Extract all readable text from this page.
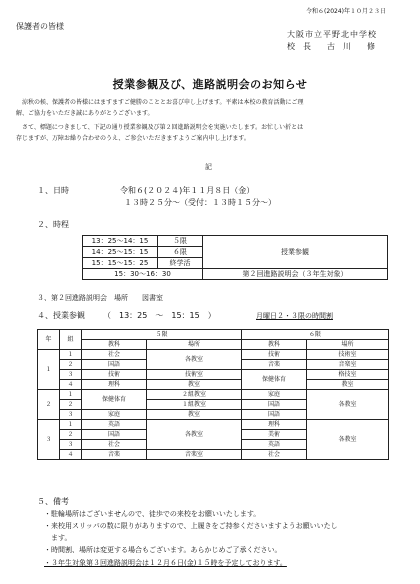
令和６(2024)年１０月２３日
保護者の皆様
大阪市立平野北中学校
校　長　　古　川　　修
授業参観及び、進路説明会のお知らせ
　涼秋の候、保護者の皆様にはますますご健勝のこととお喜び申し上げます。平素は本校の教育活動にご理
解、ご協力をいただき誠にありがとうございます。
　さて、標題につきまして、下記の通り授業参観及び第２回進路説明会を実施いたします。お忙しい折とは
存じますが、万障お繰り合わせのうえ、ご参会いただきますようご案内申し上げます。
記
１、日時	令和６(２０２４)年１１月８日（金）
１３時２５分～（受付：１３時１５分～）
２、時程
13：25～14：15	５限	授業参観
14：25～15：15	６限	
15：15～15：25	終学活	
15：30～16：30		第２回進路説明会（３年生対象）
３、第２回進路説明会　場所　　図書室
４、授業参観 （　13：25　～　15：15　）	月曜日２・３限の時間割
年	組	５限		６限	
		教科	場所	教科	場所
１	１	社会	各教室	技術	技術室
	２	国語		音楽	音楽室
	３	技術	技術室	保健体育	格技室
	４	理科	教室		教室
２	１	保健体育	２組教室	家庭	各教室
	２		１組教室	国語	
	３	家庭	教室	国語	
３	１	英語	各教室	理科	各教室
	２	国語		美術	
	３	社会		英語	
	４	音楽	音楽室	社会	
５、備考
・駐輪場所はございませんので、徒歩での来校をお願いいたします。
・来校用スリッパの数に限りがありますので、上履きをご持参くださいますようお願いいたし
　ます。
・時間割、場所は変更する場合もございます。あらかじめご了承ください。
・３年生対象第３回進路説明会は１２月６日(金)１５時を予定しております。
